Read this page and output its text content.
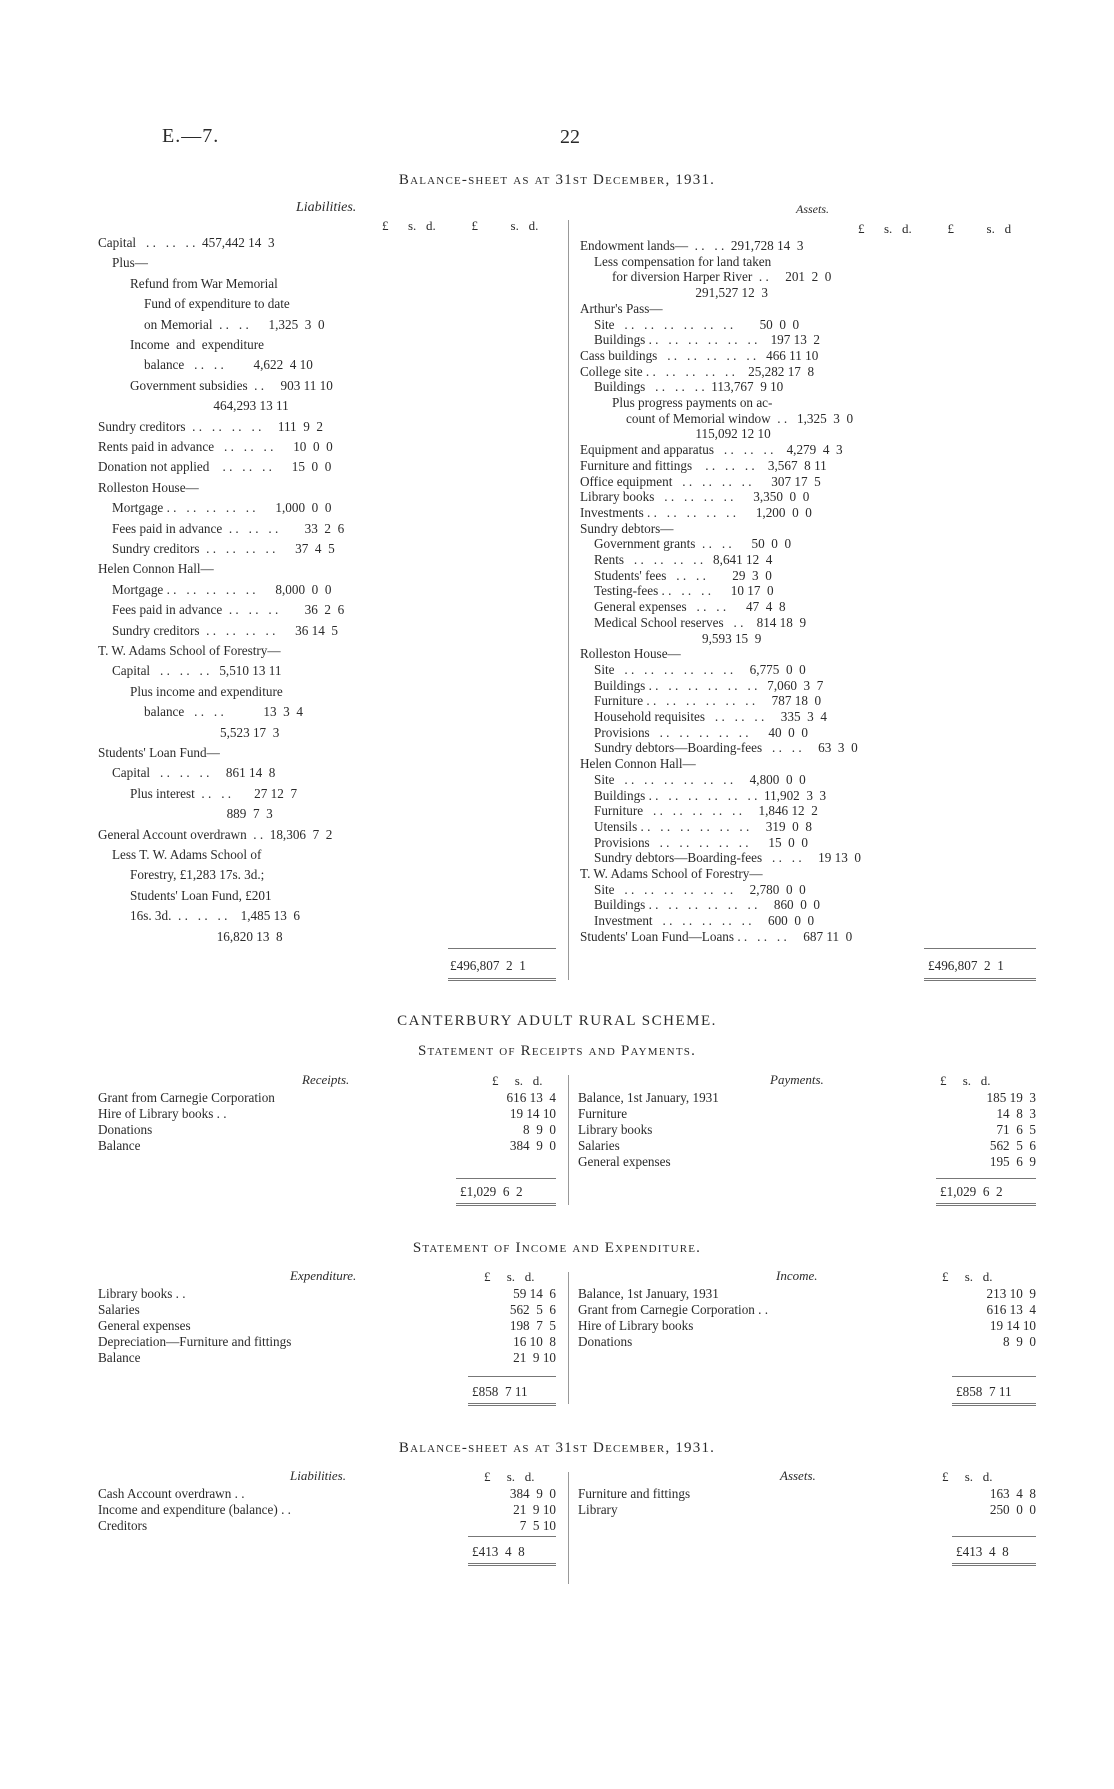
E.—7.	22
Balance-sheet as at 31st December, 1931.
Liabilities.	Assets.
£      s.   d.           £          s.   d.	£      s.   d.           £          s.   d
Capital   . .   . .   . .  457,442 14  3
Plus—
Refund from War Memorial
Fund of expenditure to date
on Memorial  . .   . .      1,325  3  0
Income  and  expenditure
balance   . .   . .         4,622  4 10
Government subsidies  . .     903 11 10
464,293 13 11
Sundry creditors  . .   . .   . .   . .     111  9  2
Rents paid in advance   . .   . .   . .      10  0  0
Donation not applied    . .   . .   . .      15  0  0
Rolleston House—
Mortgage . .   . .   . .   . .   . .      1,000  0  0
Fees paid in advance  . .   . .   . .        33  2  6
Sundry creditors  . .   . .   . .   . .      37  4  5
Helen Connon Hall—
Mortgage . .   . .   . .   . .   . .      8,000  0  0
Fees paid in advance  . .   . .   . .        36  2  6
Sundry creditors  . .   . .   . .   . .      36 14  5
T. W. Adams School of Forestry—
Capital   . .   . .   . .   5,510 13 11
Plus income and expenditure
balance   . .   . .            13  3  4
5,523 17  3
Students' Loan Fund—
Capital   . .   . .   . .     861 14  8
Plus interest  . .   . .       27 12  7
889  7  3
General Account overdrawn  . .  18,306  7  2
Less T. W. Adams School of
Forestry, £1,283 17s. 3d.;
Students' Loan Fund, £201
16s. 3d.  . .   . .   . .    1,485 13  6
16,820 13  8
Endowment lands—  . .   . .  291,728 14  3
Less compensation for land taken
for diversion Harper River  . .     201  2  0
291,527 12  3
Arthur's Pass—
Site   . .   . .   . .   . .   . .   . .        50  0  0
Buildings . .   . .   . .   . .   . .   . .    197 13  2
Cass buildings   . .   . .   . .   . .   . .   466 11 10
College site . .   . .   . .   . .   . .    25,282 17  8
Buildings   . .   . .   . .  113,767  9 10
Plus progress payments on ac-
count of Memorial window  . .   1,325  3  0
115,092 12 10
Equipment and apparatus   . .   . .   . .    4,279  4  3
Furniture and fittings    . .   . .   . .    3,567  8 11
Office equipment   . .   . .   . .   . .      307 17  5
Library books   . .   . .   . .   . .      3,350  0  0
Investments . .   . .   . .   . .   . .      1,200  0  0
Sundry debtors—
Government grants  . .   . .      50  0  0
Rents   . .   . .   . .   . .   8,641 12  4
Students' fees   . .   . .        29  3  0
Testing-fees . .   . .   . .      10 17  0
General expenses   . .   . .      47  4  8
Medical School reserves   . .    814 18  9
9,593 15  9
Rolleston House—
Site   . .   . .   . .   . .   . .   . .     6,775  0  0
Buildings . .   . .   . .   . .   . .   . .   7,060  3  7
Furniture . .   . .   . .   . .   . .   . .     787 18  0
Household requisites   . .   . .   . .     335  3  4
Provisions   . .   . .   . .   . .   . .      40  0  0
Sundry debtors—Boarding-fees   . .   . .     63  3  0
Helen Connon Hall—
Site   . .   . .   . .   . .   . .   . .     4,800  0  0
Buildings . .   . .   . .   . .   . .   . .  11,902  3  3
Furniture   . .   . .   . .   . .   . .     1,846 12  2
Utensils . .   . .   . .   . .   . .   . .     319  0  8
Provisions   . .   . .   . .   . .   . .      15  0  0
Sundry debtors—Boarding-fees   . .   . .     19 13  0
T. W. Adams School of Forestry—
Site   . .   . .   . .   . .   . .   . .     2,780  0  0
Buildings . .   . .   . .   . .   . .   . .     860  0  0
Investment   . .   . .   . .   . .   . .     600  0  0
Students' Loan Fund—Loans . .   . .   . .     687 11  0
£496,807  2  1	£496,807  2  1
CANTERBURY ADULT RURAL SCHEME.
Statement of Receipts and Payments.
Receipts.	Payments.
£     s.   d.	£     s.   d.
Grant from Carnegie Corporation	616 13  4
Hire of Library books . .	19 14 10
Donations	8  9  0
Balance	384  9  0
Balance, 1st January, 1931	185 19  3
Furniture	14  8  3
Library books	71  6  5
Salaries	562  5  6
General expenses	195  6  9
£1,029  6  2	£1,029  6  2
Statement of Income and Expenditure.
Expenditure.	Income.
£     s.   d.	£     s.   d.
Library books . .	59 14  6
Salaries	562  5  6
General expenses	198  7  5
Depreciation—Furniture and fittings	16 10  8
Balance	21  9 10
Balance, 1st January, 1931	213 10  9
Grant from Carnegie Corporation . .	616 13  4
Hire of Library books	19 14 10
Donations	8  9  0
£858  7 11	£858  7 11
Balance-sheet as at 31st December, 1931.
Liabilities.	Assets.
£     s.   d.	£     s.   d.
Cash Account overdrawn . .	384  9  0
Income and expenditure (balance) . .	21  9 10
Creditors	7  5 10
Furniture and fittings	163  4  8
Library	250  0  0
£413  4  8	£413  4  8
